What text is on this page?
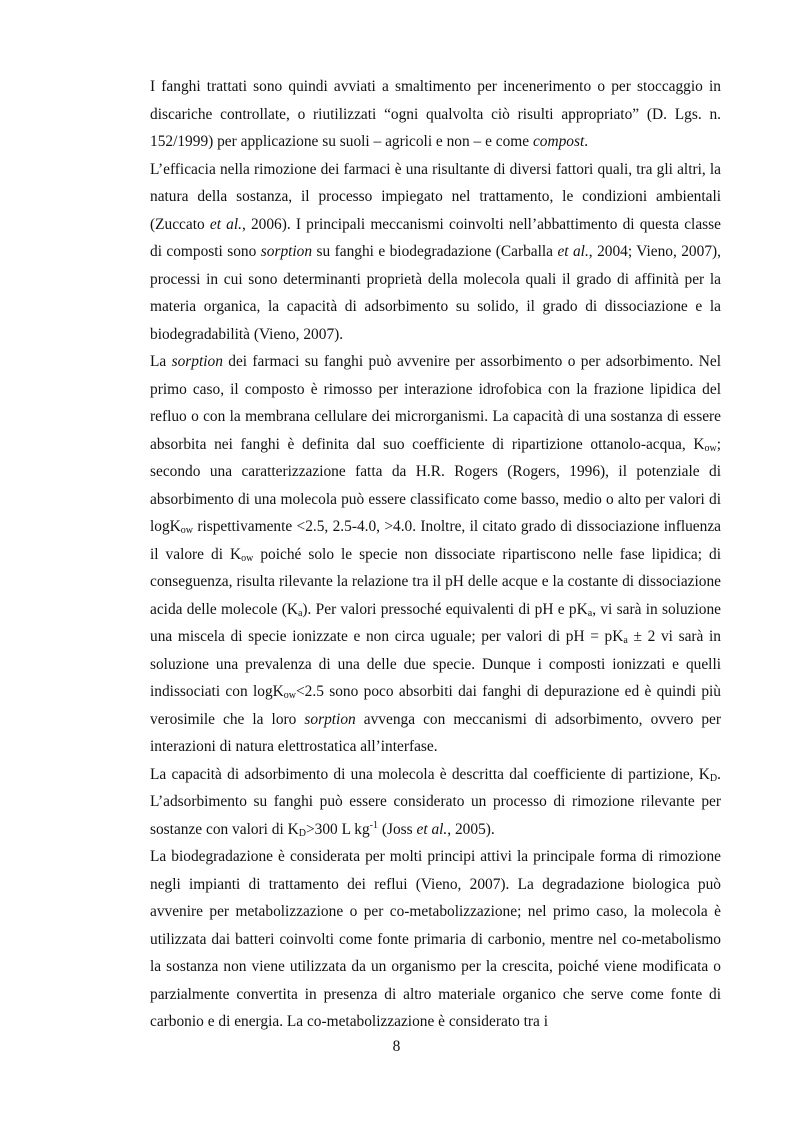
I fanghi trattati sono quindi avviati a smaltimento per incenerimento o per stoccaggio in discariche controllate, o riutilizzati “ogni qualvolta ciò risulti appropriato” (D. Lgs. n. 152/1999) per applicazione su suoli – agricoli e non – e come compost.

L’efficacia nella rimozione dei farmaci è una risultante di diversi fattori quali, tra gli altri, la natura della sostanza, il processo impiegato nel trattamento, le condizioni ambientali (Zuccato et al., 2006). I principali meccanismi coinvolti nell’abbattimento di questa classe di composti sono sorption su fanghi e biodegradazione (Carballa et al., 2004; Vieno, 2007), processi in cui sono determinanti proprietà della molecola quali il grado di affinità per la materia organica, la capacità di adsorbimento su solido, il grado di dissociazione e la biodegradabilità (Vieno, 2007).

La sorption dei farmaci su fanghi può avvenire per assorbimento o per adsorbimento. Nel primo caso, il composto è rimosso per interazione idrofobica con la frazione lipidica del refluo o con la membrana cellulare dei microrganismi. La capacità di una sostanza di essere absorbita nei fanghi è definita dal suo coefficiente di ripartizione ottanolo-acqua, $K_{ow}$; secondo una caratterizzazione fatta da H.R. Rogers (Rogers, 1996), il potenziale di absorbimento di una molecola può essere classificato come basso, medio o alto per valori di logK$_{ow}$ rispettivamente <2.5, 2.5-4.0, >4.0. Inoltre, il citato grado di dissociazione influenza il valore di $K_{ow}$ poiché solo le specie non dissociate ripartiscono nelle fase lipidica; di conseguenza, risulta rilevante la relazione tra il pH delle acque e la costante di dissociazione acida delle molecole $(K_a)$. Per valori pressoché equivalenti di pH e $pK_a$, vi sarà in soluzione una miscela di specie ionizzate e non circa uguale; per valori di pH = $pK_a \pm 2$ vi sarà in soluzione una prevalenza di una delle due specie. Dunque i composti ionizzati e quelli indissociati con logK$_{ow}$<2.5 sono poco absorbiti dai fanghi di depurazione ed è quindi più verosimile che la loro sorption avvenga con meccanismi di adsorbimento, ovvero per interazioni di natura elettrostatica all’interfase.

La capacità di adsorbimento di una molecola è descritta dal coefficiente di partizione, $K_D$. L’adsorbimento su fanghi può essere considerato un processo di rimozione rilevante per sostanze con valori di $K_D>300$ L $kg^{-1}$ (Joss et al., 2005).

La biodegradazione è considerata per molti principi attivi la principale forma di rimozione negli impianti di trattamento dei reflui (Vieno, 2007). La degradazione biologica può avvenire per metabolizzazione o per co-metabolizzazione; nel primo caso, la molecola è utilizzata dai batteri coinvolti come fonte primaria di carbonio, mentre nel co-metabolismo la sostanza non viene utilizzata da un organismo per la crescita, poiché viene modificata o parzialmente convertita in presenza di altro materiale organico che serve come fonte di carbonio e di energia. La co-metabolizzazione è considerato tra i

8
